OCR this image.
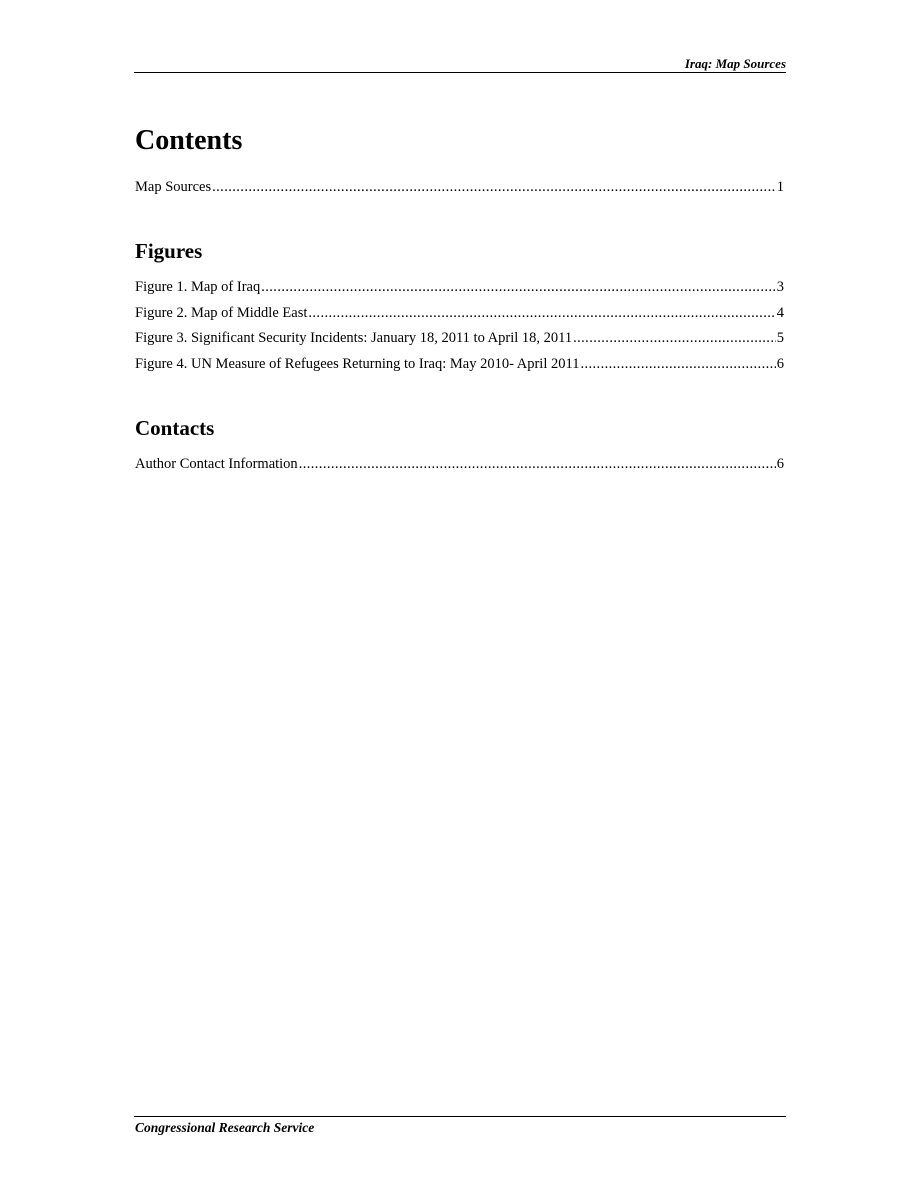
Iraq: Map Sources
Contents
Map Sources .....	1
Figures
Figure 1. Map of Iraq .....	3
Figure 2. Map of Middle East .....	4
Figure 3. Significant Security Incidents: January 18, 2011 to April 18, 2011 .....	5
Figure 4. UN Measure of Refugees Returning to Iraq: May 2010- April 2011 .....	6
Contacts
Author Contact Information .....	6
Congressional Research Service
